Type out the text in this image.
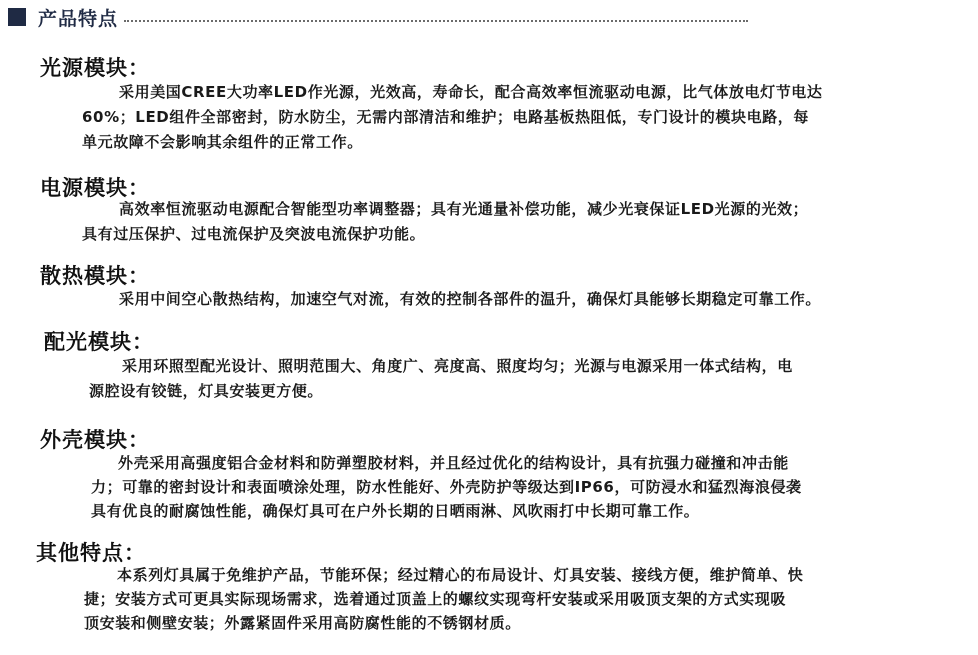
产品特点
光源模块：
采用美国CREE大功率LED作光源，光效高，寿命长，配合高效率恒流驱动电源，比气体放电灯节电达
60%；LED组件全部密封，防水防尘，无需内部清洁和维护；电路基板热阻低，专门设计的模块电路，每
单元故障不会影响其余组件的正常工作。
电源模块：
高效率恒流驱动电源配合智能型功率调整器；具有光通量补偿功能，减少光衰保证LED光源的光效；
具有过压保护、过电流保护及突波电流保护功能。
散热模块：
采用中间空心散热结构，加速空气对流，有效的控制各部件的温升，确保灯具能够长期稳定可靠工作。
配光模块：
采用环照型配光设计、照明范围大、角度广、亮度高、照度均匀；光源与电源采用一体式结构，电
源腔设有铰链，灯具安装更方便。
外壳模块：
外壳采用高强度铝合金材料和防弹塑胶材料，并且经过优化的结构设计，具有抗强力碰撞和冲击能
力；可靠的密封设计和表面喷涂处理，防水性能好、外壳防护等级达到IP66，可防浸水和猛烈海浪侵袭
具有优良的耐腐蚀性能，确保灯具可在户外长期的日晒雨淋、风吹雨打中长期可靠工作。
其他特点：
本系列灯具属于免维护产品，节能环保；经过精心的布局设计、灯具安装、接线方便，维护简单、快
捷；安装方式可更具实际现场需求，选着通过顶盖上的螺纹实现弯杆安装或采用吸顶支架的方式实现吸
顶安装和侧壁安装；外露紧固件采用高防腐性能的不锈钢材质。
